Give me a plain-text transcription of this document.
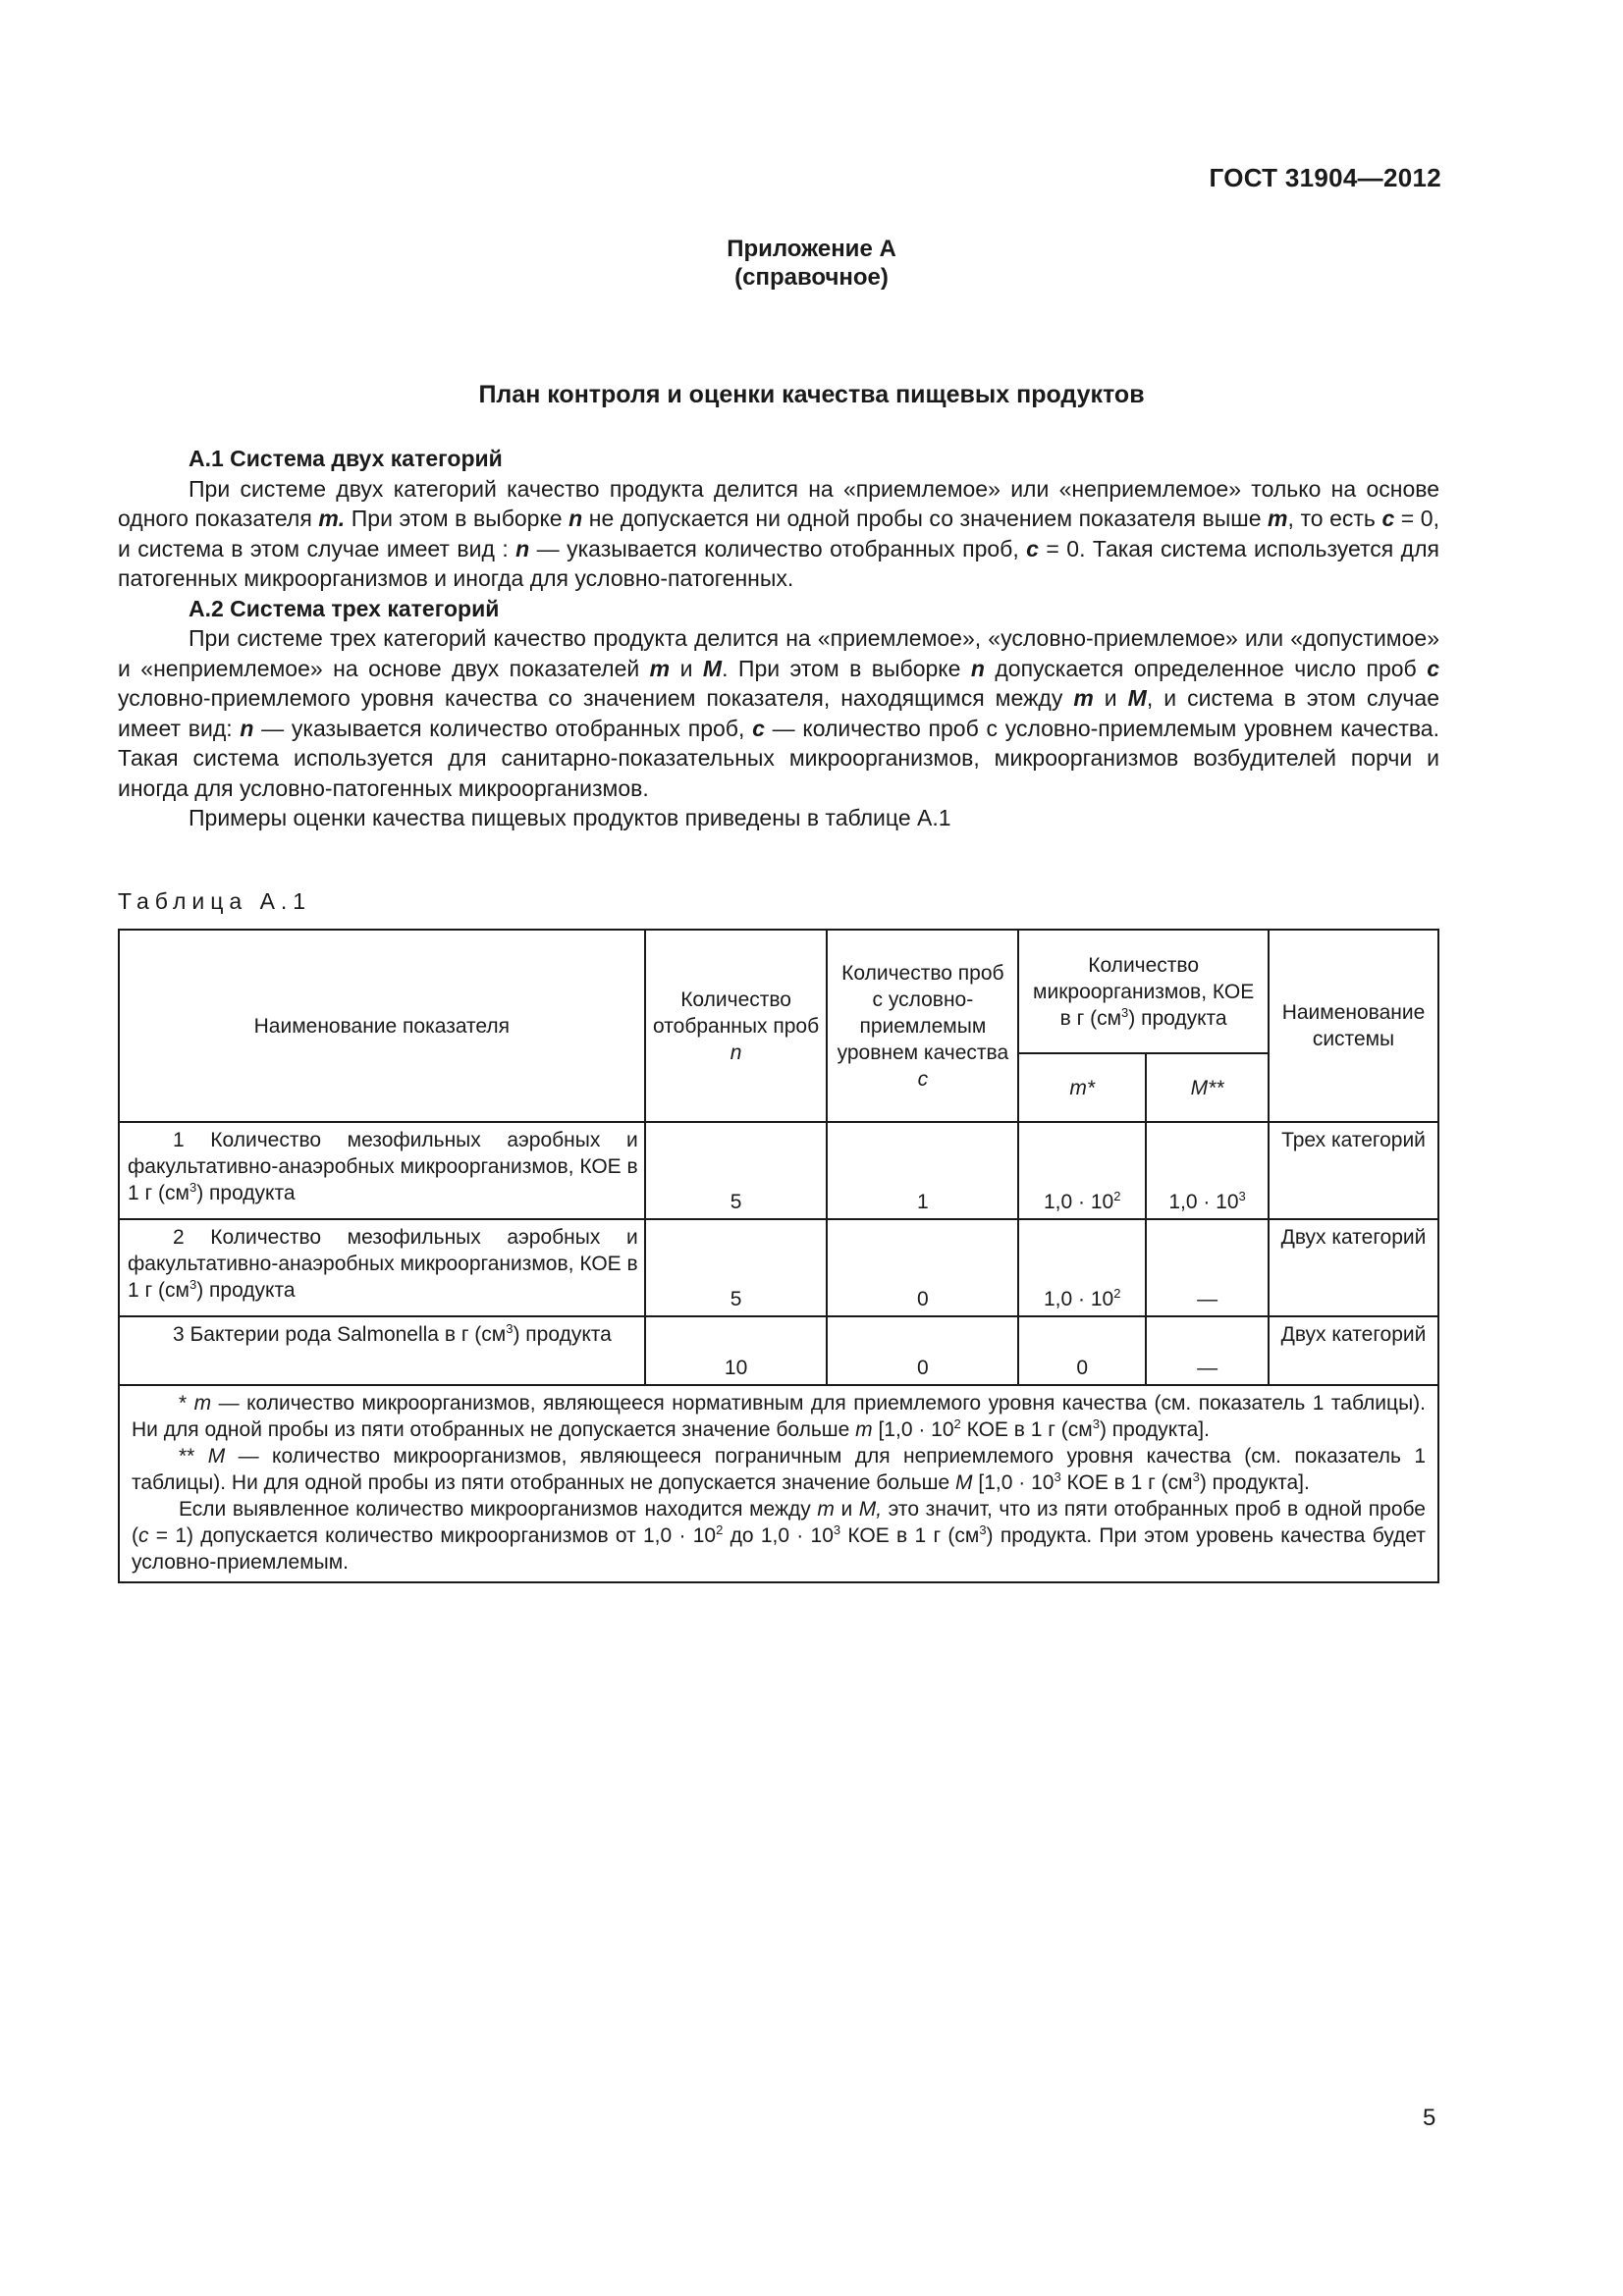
ГОСТ 31904—2012
Приложение А
(справочное)
План контроля и оценки качества пищевых продуктов
А.1 Система двух категорий

При системе двух категорий качество продукта делится на «приемлемое» или «неприемлемое» только на основе одного показателя m. При этом в выборке n не допускается ни одной пробы со значением показателя выше m, то есть c = 0, и система в этом случае имеет вид : n — указывается количество отобранных проб, c = 0. Такая система используется для патогенных микроорганизмов и иногда для условно-патогенных.

А.2 Система трех категорий

При системе трех категорий качество продукта делится на «приемлемое», «условно-приемлемое» или «допустимое» и «неприемлемое» на основе двух показателей m и M. При этом в выборке n допускается определенное число проб c условно-приемлемого уровня качества со значением показателя, находящимся между m и M, и система в этом случае имеет вид: n — указывается количество отобранных проб, c — количество проб с условно-приемлемым уровнем качества. Такая система используется для санитарно-показательных микроорганизмов, микроорганизмов возбудителей порчи и иногда для условно-патогенных микроорганизмов.

Примеры оценки качества пищевых продуктов приведены в таблице А.1

Таблица А.1
Наименование показателя	Количество отобранных проб n	Количество проб с условно-приемлемым уровнем качества c	Количество микроорганизмов, КОЕ в г $(см^3)$ продукта		Наименование системы
			m*	M**	
1 Количество мезофильных аэробных и факультативно-анаэробных микроорганизмов, КОЕ в 1 г $(см^3)$ продукта	5	1	$1,0 \cdot 10^2$	$1,0 \cdot 10^3$	Трех категорий
2 Количество мезофильных аэробных и факультативно-анаэробных микроорганизмов, КОЕ в 1 г $(см^3)$ продукта	5	0	$1,0 \cdot 10^2$	—	Двух категорий
3 Бактерии рода Salmonella в г $(см^3)$ продукта	10	0	0	—	Двух категорий

* m — количество микроорганизмов, являющееся нормативным для приемлемого уровня качества (см. показатель 1 таблицы). Ни для одной пробы из пяти отобранных не допускается значение больше m [$1,0 \cdot 10^2$ КОЕ в 1 г $(см^3)$ продукта].

** M — количество микроорганизмов, являющееся пограничным для неприемлемого уровня качества (см. показатель 1 таблицы). Ни для одной пробы из пяти отобранных не допускается значение больше M [$1,0 \cdot 10^3$ КОЕ в 1 г $(см^3)$ продукта].

Если выявленное количество микроорганизмов находится между m и M, это значит, что из пяти отобранных проб в одной пробе (c = 1) допускается количество микроорганизмов от $1,0 \cdot 10^2$ до $1,0 \cdot 10^3$ КОЕ в 1 г $(см^3)$ продукта. При этом уровень качества будет условно-приемлемым.					

5
